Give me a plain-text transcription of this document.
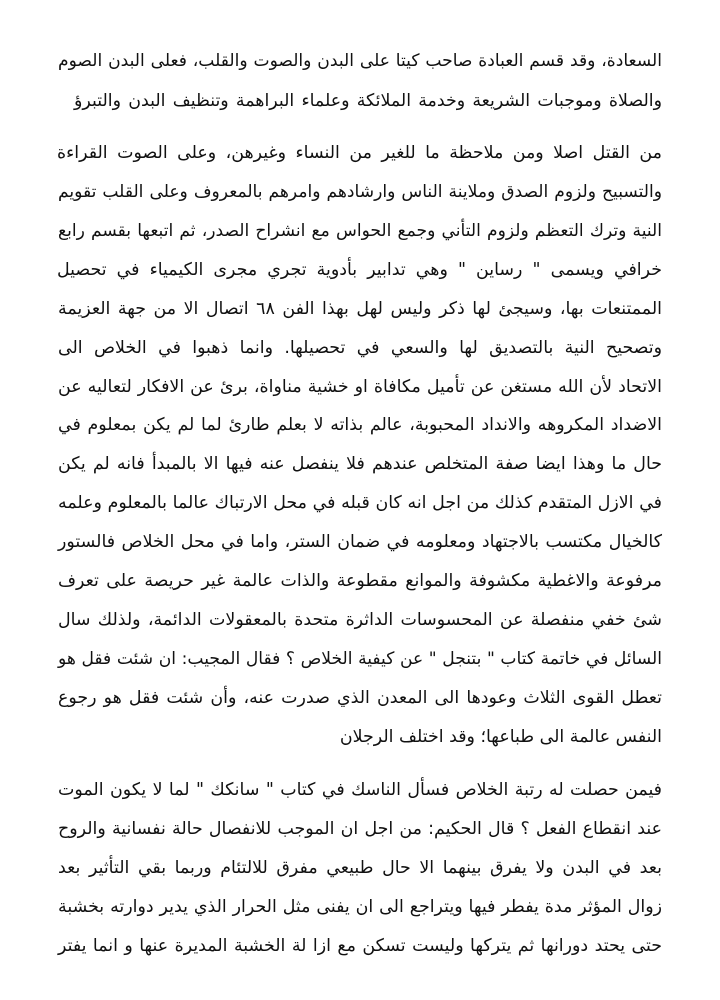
السعادة، وقد قسم العبادة صاحب كيتا على البدن والصوت والقلب، فعلى البدن الصوم
والصلاة وموجبات الشريعة وخدمة الملائكة وعلماء البراهمة وتنظيف البدن والتبرؤ
من القتل اصلا ومن ملاحظة ما للغير من النساء وغيرهن، وعلى الصوت القراءة
والتسبيح ولزوم الصدق وملاينة الناس وارشادهم وامرهم بالمعروف وعلى القلب تقويم
النية وترك التعظم ولزوم التأني وجمع الحواس مع انشراح الصدر، ثم اتبعها بقسم رابع
خرافي ويسمى " رساين " وهي تدابير بأدوية تجري مجرى الكيمياء في تحصيل
الممتنعات بها، وسيجئ لها ذكر وليس لهل بهذا الفن ٦٨ اتصال الا من جهة العزيمة
وتصحيح النية بالتصديق لها والسعي في تحصيلها. وانما ذهبوا في الخلاص الى
الاتحاد لأن الله مستغن عن تأميل مكافاة او خشية مناواة، برئ عن الافكار لتعاليه عن
الاضداد المكروهه والانداد المحبوبة، عالم بذاته لا بعلم طارئ لما لم يكن بمعلوم في
حال ما وهذا ايضا صفة المتخلص عندهم فلا ينفصل عنه فيها الا بالمبدأ فانه لم يكن
في الازل المتقدم كذلك من اجل انه كان قبله في محل الارتباك عالما بالمعلوم وعلمه
كالخيال مكتسب بالاجتهاد ومعلومه في ضمان الستر، واما في محل الخلاص فالستور
مرفوعة والاغطية مكشوفة والموانع مقطوعة والذات عالمة غير حريصة على تعرف
شئ خفي منفصلة عن المحسوسات الداثرة متحدة بالمعقولات الدائمة، ولذلك سال
السائل في خاتمة كتاب " بتنجل " عن كيفية الخلاص ؟ فقال المجيب: ان شئت فقل هو
تعطل القوى الثلاث وعودها الى المعدن الذي صدرت عنه، وأن شئت فقل هو رجوع
النفس عالمة الى طباعها؛ وقد اختلف الرجلان
فيمن حصلت له رتبة الخلاص فسأل الناسك في كتاب " سانكك " لما لا يكون الموت
عند انقطاع الفعل ؟ قال الحكيم: من اجل ان الموجب للانفصال حالة نفسانية والروح
بعد في البدن ولا يفرق بينهما الا حال طبيعي مفرق للالتئام وربما بقي التأثير بعد
زوال المؤثر مدة يفطر فيها ويتراجع الى ان يفنى مثل الحرار الذي يدير دوارته بخشبة
حتى يحتد دورانها ثم يتركها وليست تسكن مع ازا لة الخشبة المديرة عنها و انما يفتر
